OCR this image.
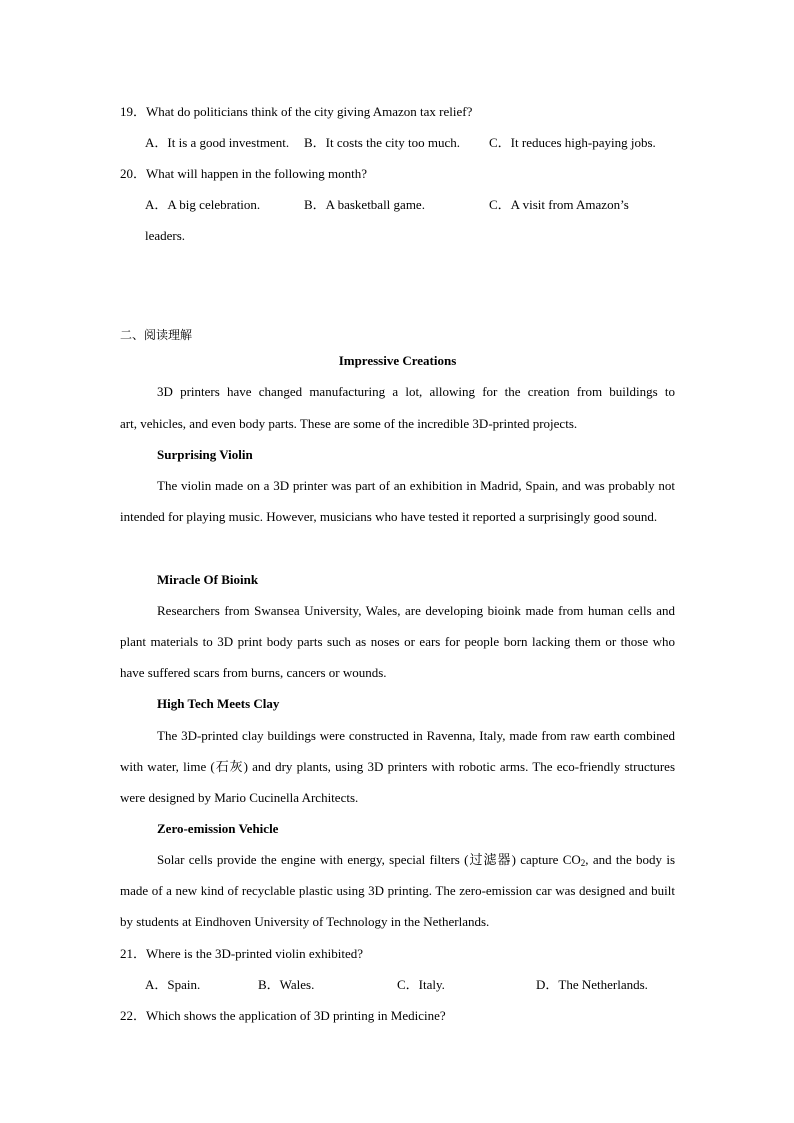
19．What do politicians think of the city giving Amazon tax relief?
A．It is a good investment. B．It costs the city too much. C．It reduces high-paying jobs.
20．What will happen in the following month?
A．A big celebration.	B．A basketball game.	C．A visit from Amazon’s
leaders.
二、阅读理解
Impressive Creations
3D printers have changed manufacturing a lot, allowing for the creation from buildings to
art, vehicles, and even body parts. These are some of the incredible 3D-printed projects.
Surprising Violin

The violin made on a 3D printer was part of an exhibition in Madrid, Spain, and was probably not intended for playing music. However, musicians who have tested it reported a surprisingly good sound.

Miracle Of Bioink

Researchers from Swansea University, Wales, are developing bioink made from human cells and plant materials to 3D print body parts such as noses or ears for people born lacking them or those who have suffered scars from burns, cancers or wounds.

High Tech Meets Clay

The 3D-printed clay buildings were constructed in Ravenna, Italy, made from raw earth combined with water, lime (石灰) and dry plants, using 3D printers with robotic arms. The eco-friendly structures were designed by Mario Cucinella Architects.

Zero-emission Vehicle

Solar cells provide the engine with energy, special filters (过滤器) capture $CO_2$, and the body is made of a new kind of recyclable plastic using 3D printing. The zero-emission car was designed and built by students at Eindhoven University of Technology in the Netherlands.

21．Where is the 3D-printed violin exhibited?
A．Spain.	B．Wales.	C．Italy.	D．The Netherlands.
22．Which shows the application of 3D printing in Medicine?
